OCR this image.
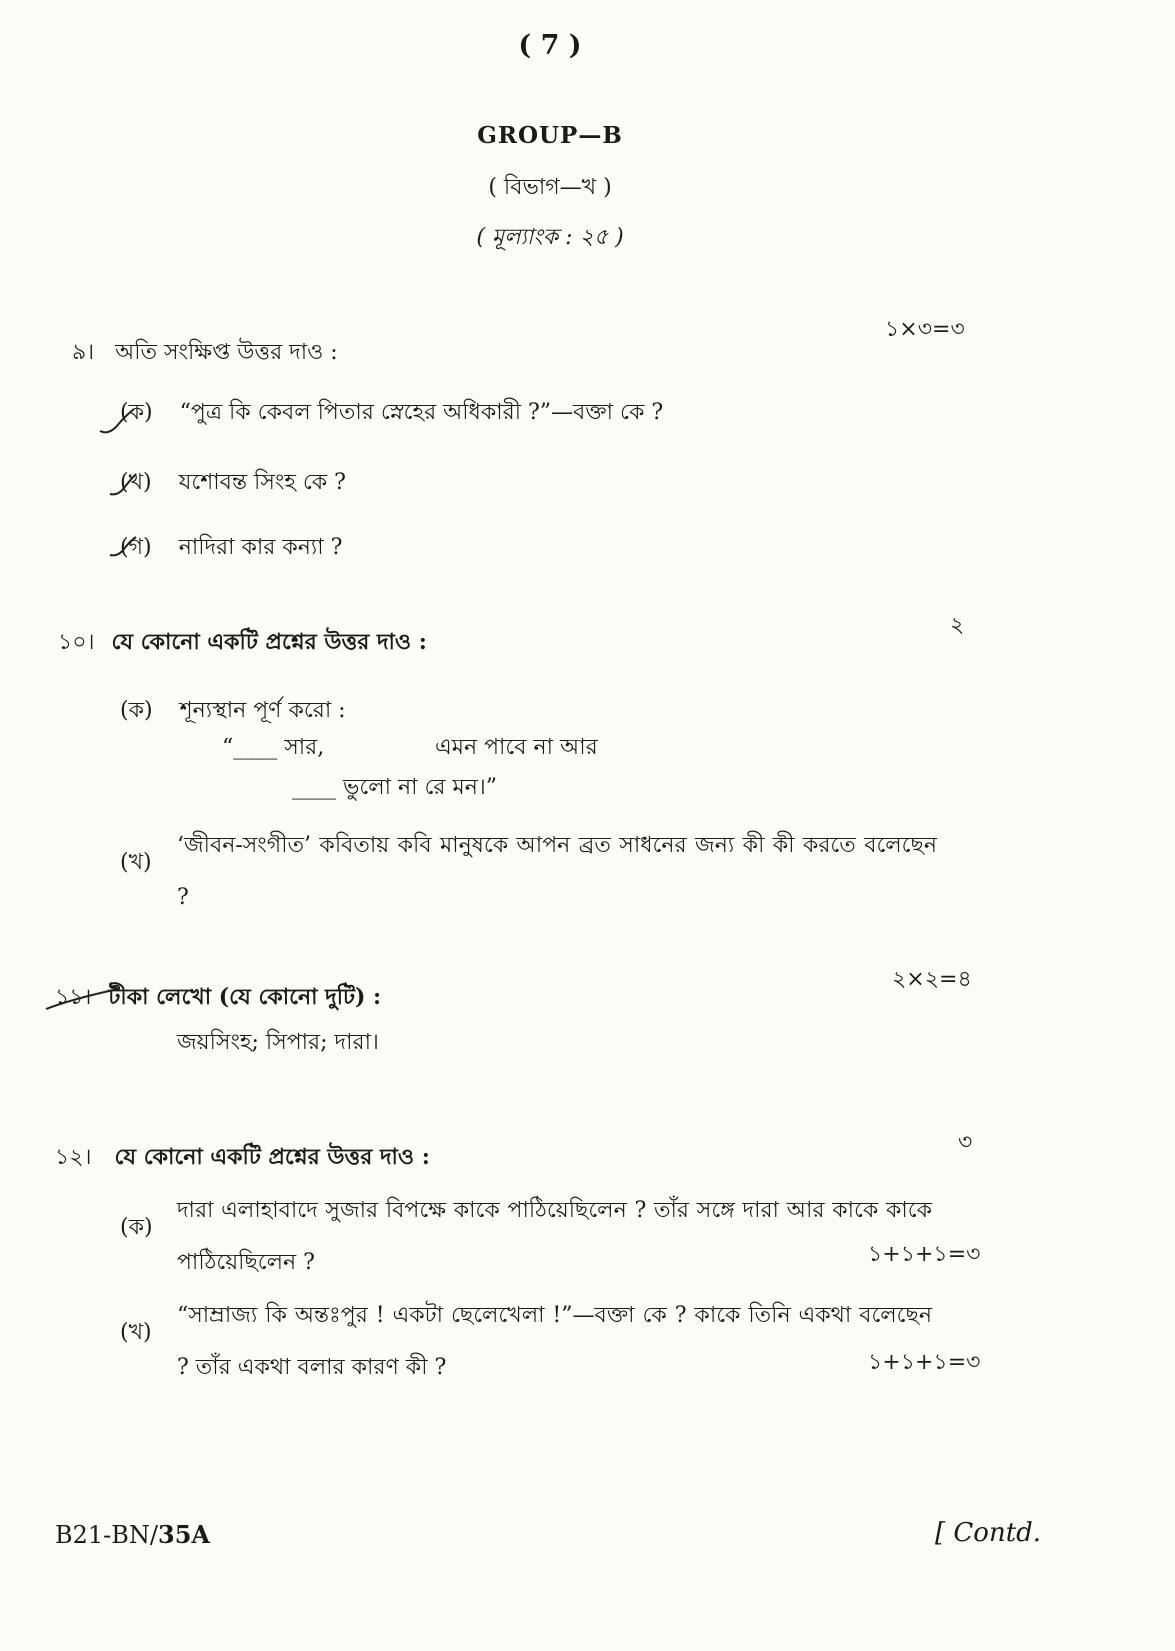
( 7 )
GROUP—B
( বিভাগ—খ )
( মূল্যাংক : ২৫ )
১×৩=৩
৯। অতি সংক্ষিপ্ত উত্তর দাও :
(ক) “পুত্র কি কেবল পিতার স্নেহের অধিকারী ?”—বক্তা কে ?
(খ) যশোবন্ত সিংহ কে ?
(গ) নাদিরা কার কন্যা ?
২
১০। যে কোনো একটি প্রশ্নের উত্তর দাও :
(ক) শূন্যস্থান পূর্ণ করো :
“____ সার,	এমন পাবে না আর
____ ভুলো না রে মন।”
(খ)
‘জীবন-সংগীত’ কবিতায় কবি মানুষকে আপন ব্রত সাধনের জন্য কী কী করতে বলেছেন ?
২×২=৪
১১। টীকা লেখো (যে কোনো দুটি) :
জয়সিংহ; সিপার; দারা।
৩
১২। যে কোনো একটি প্রশ্নের উত্তর দাও :
(ক)
দারা এলাহাবাদে সুজার বিপক্ষে কাকে পাঠিয়েছিলেন ? তাঁর সঙ্গে দারা আর কাকে কাকে পাঠিয়েছিলেন ?	১+১+১=৩
(খ)
“সাম্রাজ্য কি অন্তঃপুর ! একটা ছেলেখেলা !”—বক্তা কে ? কাকে তিনি একথা বলেছেন ? তাঁর একথা বলার কারণ কী ?	১+১+১=৩
B21-BN/35A	[ Contd.
